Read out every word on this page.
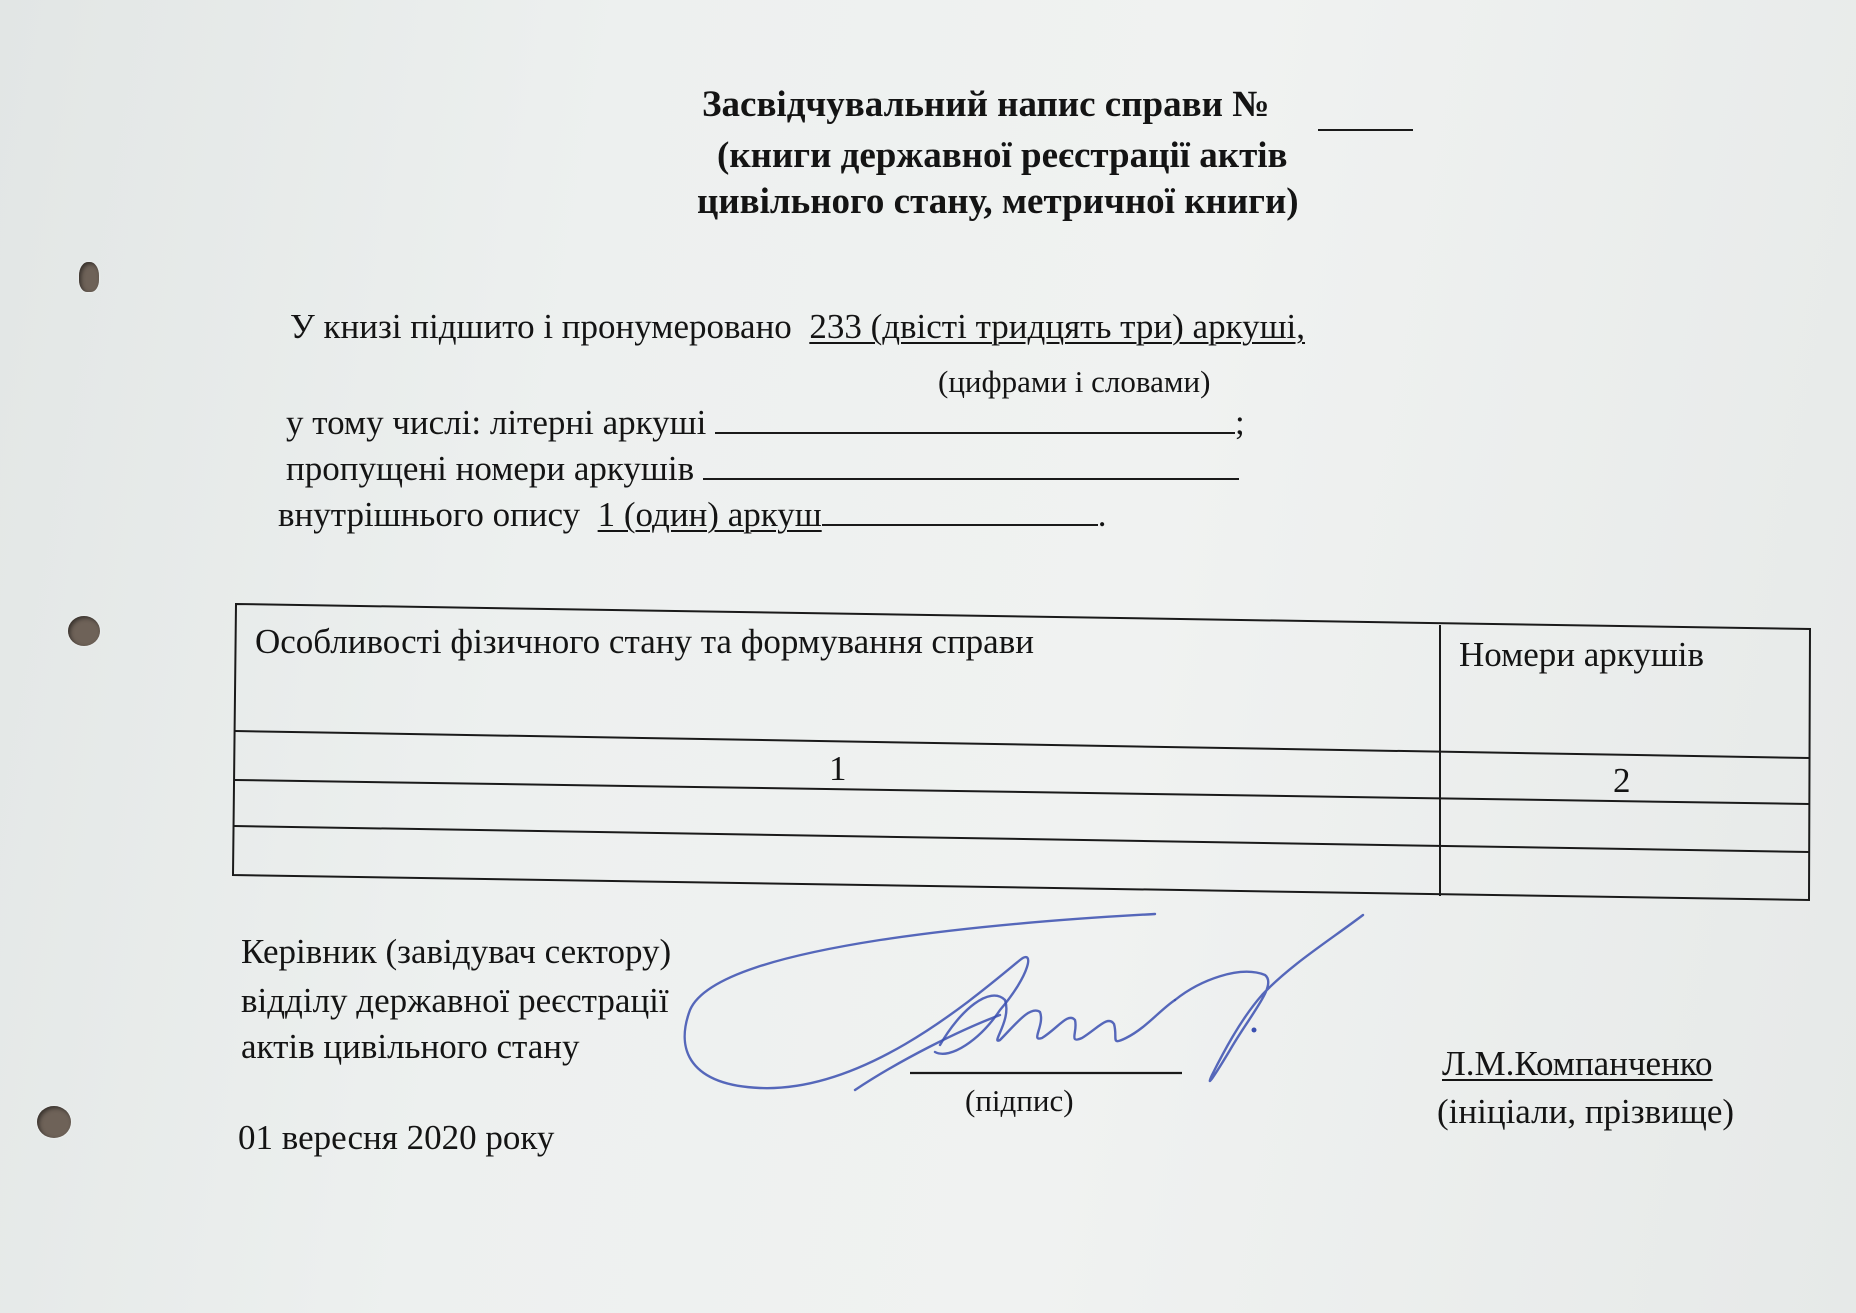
Засвідчувальний напис справи №
(книги державної реєстрації актів
цивільного стану, метричної книги)
У книзі підшито і пронумеровано 233 (двісті тридцять три) аркуші,
(цифрами і словами)
у тому числі: літерні аркуші	;
пропущені номери аркушів
внутрішнього опису 1 (один) аркуш	.
Особливості фізичного стану та формування справи	Номери аркушів
1	2
Керівник (завідувач сектору)
відділу державної реєстрації
актів цивільного стану
(підпис)
Л.М.Компанченко
(ініціали, прізвище)
01 вересня 2020 року
